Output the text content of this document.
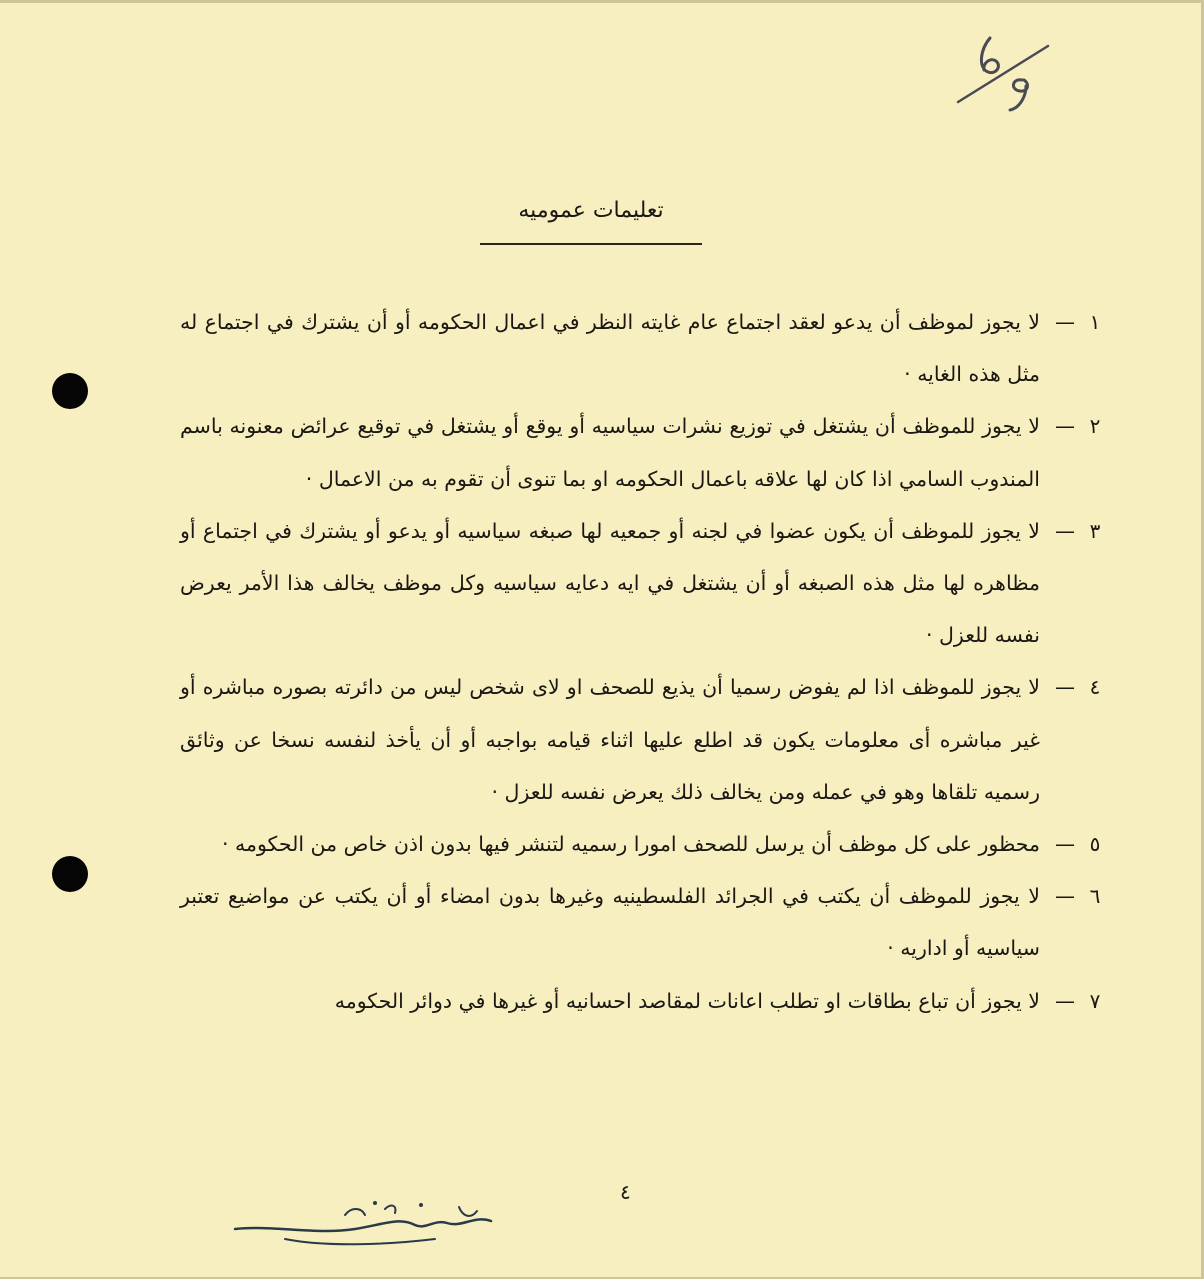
تعليمات عموميه
١
—
لا يجوز لموظف أن يدعو لعقد اجتماع عام غايته النظر في اعمال الحكومه أو أن يشترك في اجتماع له مثل هذه الغايه ·
٢
—
لا يجوز للموظف أن يشتغل في توزيع نشرات سياسيه أو يوقع أو يشتغل في توقيع عرائض معنونه باسم المندوب السامي اذا كان لها علاقه باعمال الحكومه او بما تنوى أن تقوم به من الاعمال ·
٣
—
لا يجوز للموظف أن يكون عضوا في لجنه أو جمعيه لها صبغه سياسيه أو يدعو أو يشترك في اجتماع أو مظاهره لها مثل هذه الصبغه أو أن يشتغل في ايه دعايه سياسيه وكل موظف يخالف هذا الأمر يعرض نفسه للعزل ·
٤
—
لا يجوز للموظف اذا لم يفوض رسميا أن يذيع للصحف او لاى شخص ليس من دائرته بصوره مباشره أو غير مباشره أى معلومات يكون قد اطلع عليها اثناء قيامه بواجبه أو أن يأخذ لنفسه نسخا عن وثائق رسميه تلقاها وهو في عمله ومن يخالف ذلك يعرض نفسه للعزل ·
٥
—
محظور على كل موظف أن يرسل للصحف امورا رسميه لتنشر فيها بدون اذن خاص من الحكومه ·
٦
—
لا يجوز للموظف أن يكتب في الجرائد الفلسطينيه وغيرها بدون امضاء أو أن يكتب عن مواضيع تعتبر سياسيه أو اداريه ·
٧
—
لا يجوز أن تباع بطاقات او تطلب اعانات لمقاصد احسانيه أو غيرها في دوائر الحكومه
٤
